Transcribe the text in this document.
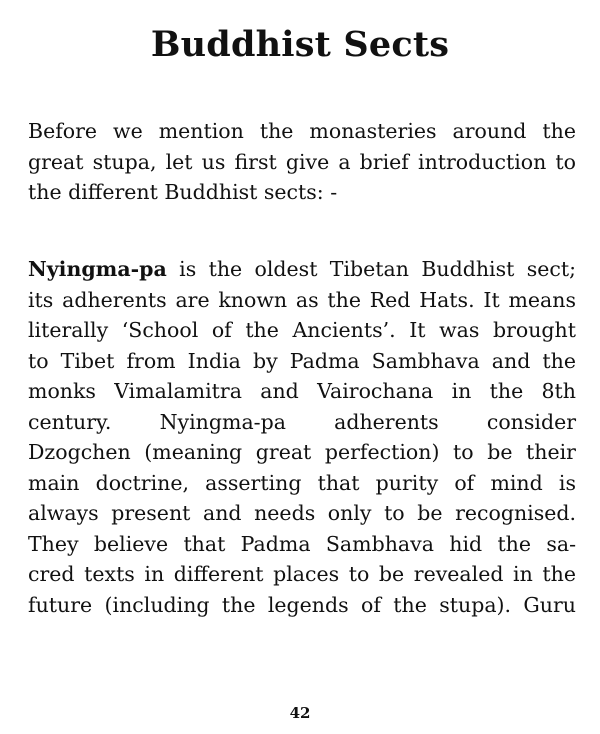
Buddhist Sects
Before we mention the monasteries around the
great stupa, let us first give a brief introduction to
the different Buddhist sects: -
Nyingma-pa is the oldest Tibetan Buddhist sect;
its adherents are known as the Red Hats. It means
literally ‘School of the Ancients’. It was brought
to Tibet from India by Padma Sambhava and the
monks Vimalamitra and Vairochana in the 8th
century. Nyingma-pa adherents consider
Dzogchen (meaning great perfection) to be their
main doctrine, asserting that purity of mind is
always present and needs only to be recognised.
They believe that Padma Sambhava hid the sa-
cred texts in different places to be revealed in the
future (including the legends of the stupa). Guru
42
